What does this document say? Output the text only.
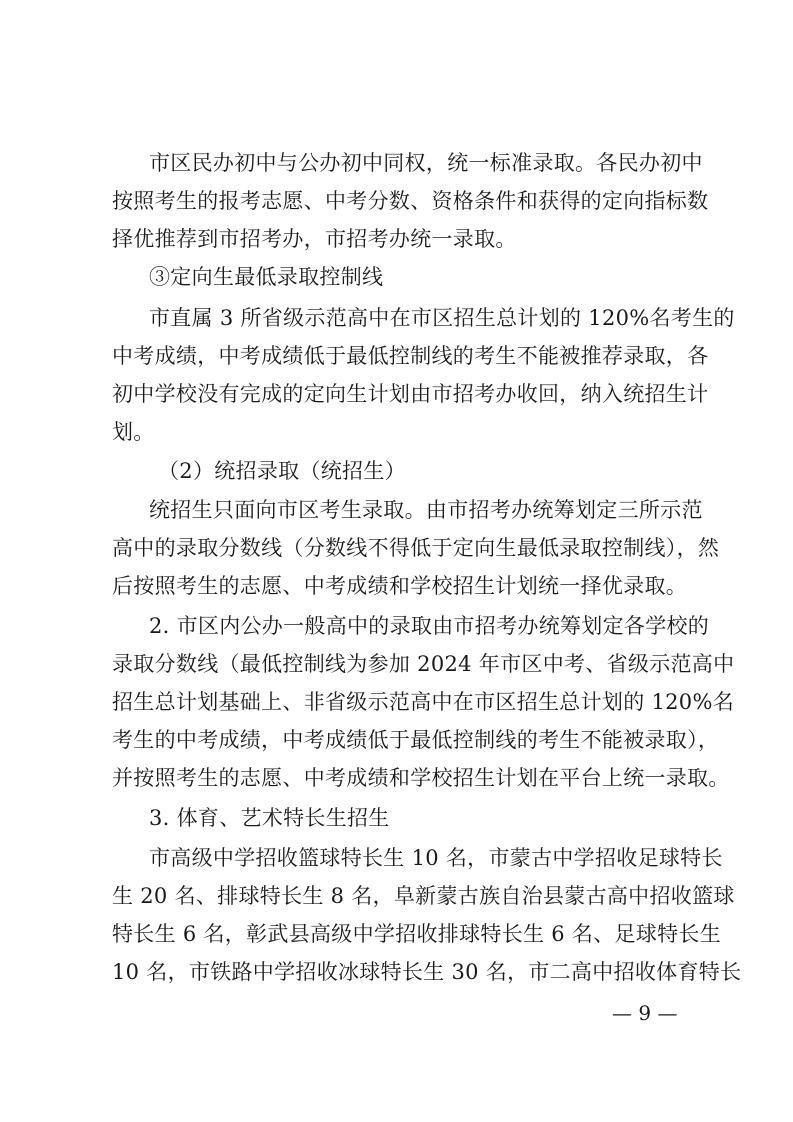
市区民办初中与公办初中同权，统一标准录取。各民办初中
按照考生的报考志愿、中考分数、资格条件和获得的定向指标数
择优推荐到市招考办，市招考办统一录取。
③定向生最低录取控制线
市直属 3 所省级示范高中在市区招生总计划的 120%名考生的
中考成绩，中考成绩低于最低控制线的考生不能被推荐录取，各
初中学校没有完成的定向生计划由市招考办收回，纳入统招生计
划。
（2）统招录取（统招生）
统招生只面向市区考生录取。由市招考办统筹划定三所示范
高中的录取分数线（分数线不得低于定向生最低录取控制线），然
后按照考生的志愿、中考成绩和学校招生计划统一择优录取。
2. 市区内公办一般高中的录取由市招考办统筹划定各学校的
录取分数线（最低控制线为参加 2024 年市区中考、省级示范高中
招生总计划基础上、非省级示范高中在市区招生总计划的 120%名
考生的中考成绩，中考成绩低于最低控制线的考生不能被录取），
并按照考生的志愿、中考成绩和学校招生计划在平台上统一录取。
3. 体育、艺术特长生招生
市高级中学招收篮球特长生 10 名，市蒙古中学招收足球特长
生 20 名、排球特长生 8 名，阜新蒙古族自治县蒙古高中招收篮球
特长生 6 名，彰武县高级中学招收排球特长生 6 名、足球特长生
10 名，市铁路中学招收冰球特长生 30 名，市二高中招收体育特长
— 9 —
